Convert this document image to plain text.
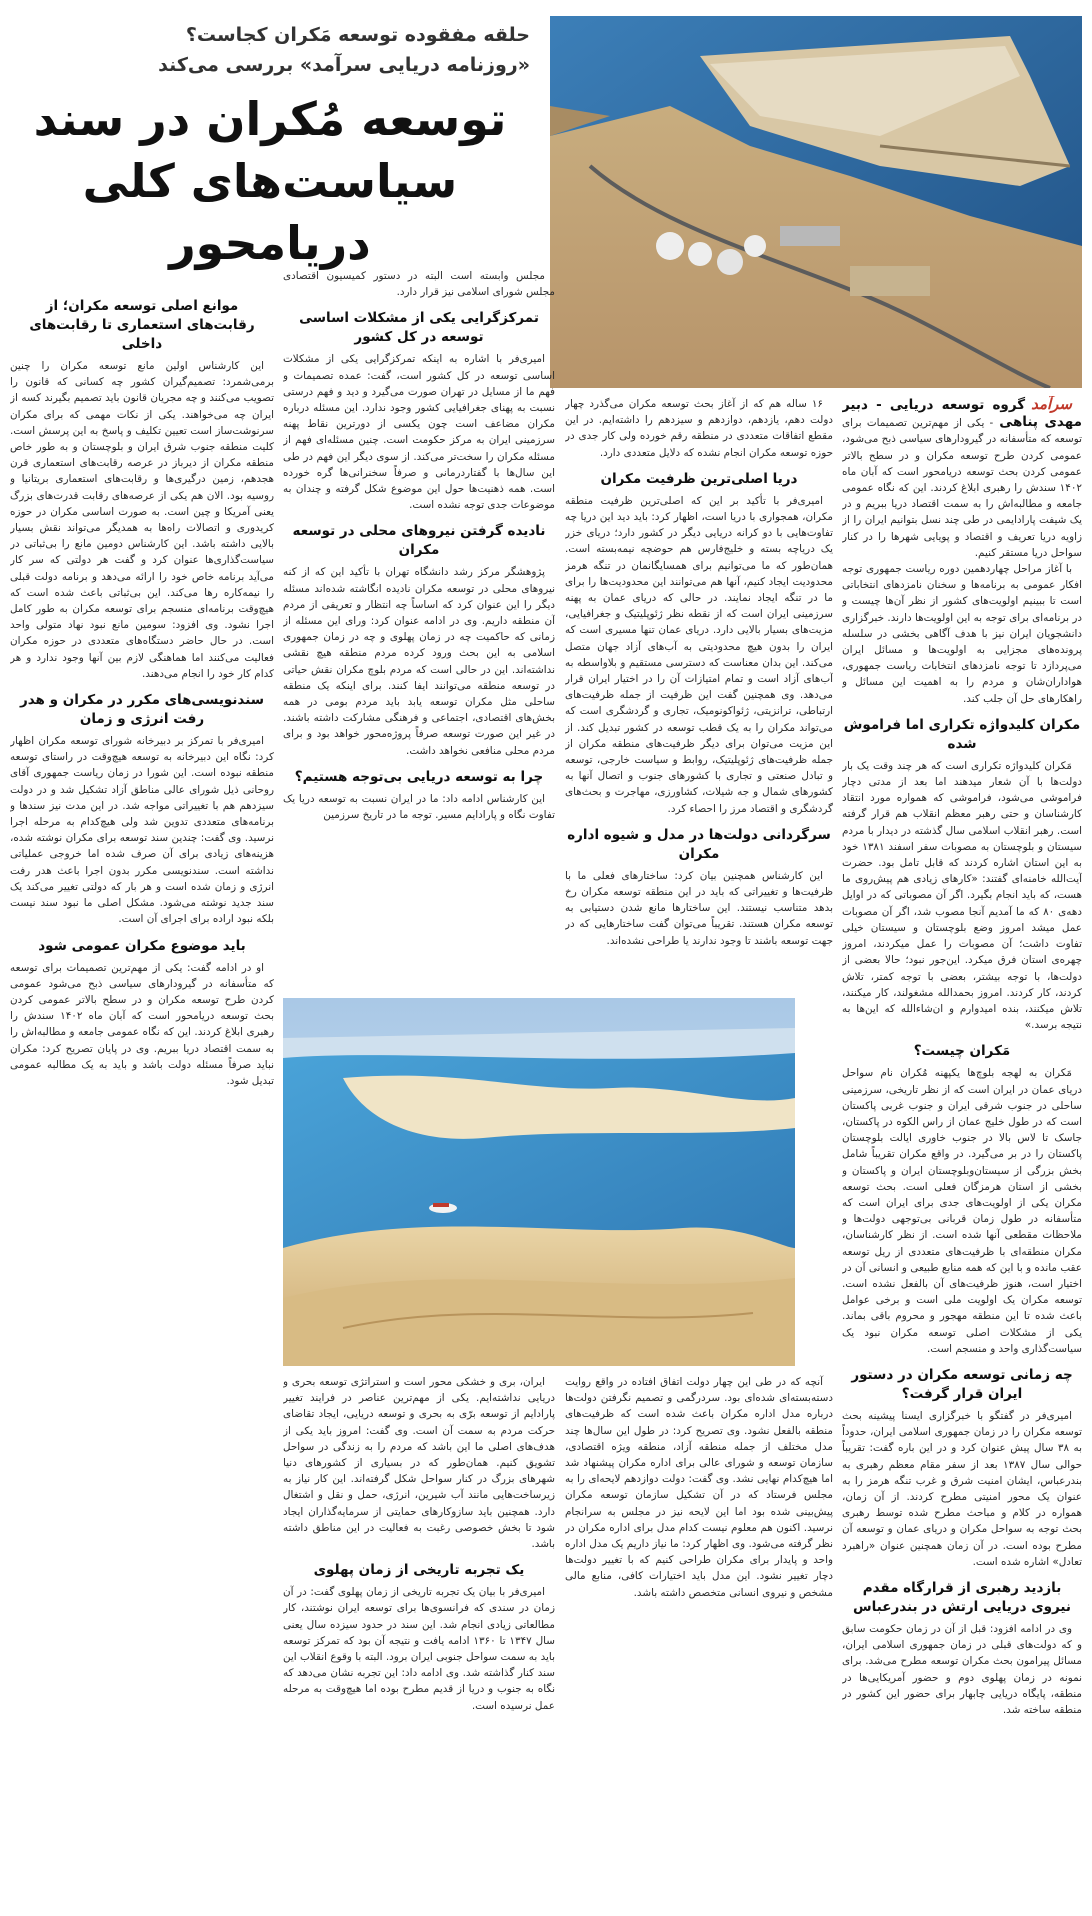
حلقه مفقوده توسعه مَکران کجاست؟
«روزنامه دریایی سرآمد» بررسی می‌کند
توسعه مُکران در سند
سیاست‌های کلی دریامحور

سرآمدگروه توسعه دریایی - دبیر مهدی پناهی- یکی از مهم‌ترین تصمیمات برای توسعه که متأسفانه در گیرودارهای سیاسی ذبح می‌شود، عمومی کردن طرح توسعه مکران و در سطح بالاتر عمومی کردن بحث توسعه دریامحور است که آبان ماه ۱۴۰۲ سندش را رهبری ابلاغ کردند. این که نگاه عمومی جامعه و مطالبه‌اش را به سمت اقتصاد دریا ببریم و در یک شیفت پارادایمی در طی چند نسل بتوانیم ایران را از زاویه دریا تعریف و اقتصاد و پویایی شهرها را در کنار سواحل دریا مستقر کنیم.

با آغاز مراحل چهاردهمین دوره ریاست جمهوری توجه افکار عمومی به برنامه‌ها و سخنان نامزدهای انتخاباتی است تا ببینیم اولویت‌های کشور از نظر آن‌ها چیست و در برنامه‌ای برای توجه به این اولویت‌ها دارند. خبرگزاری دانشجویان ایران نیز با هدف آگاهی بخشی در سلسله پرونده‌های مجزایی به اولویت‌ها و مسائل ایران می‌پردازد تا توجه نامزدهای انتخابات ریاست جمهوری، هواداران‌شان و مردم را به اهمیت این مسائل و راهکارهای حل آن جلب کند.

مکران کلیدواژه تکراری اما فراموش شده

مَکران کلیدواژه تکراری است که هر چند وقت یک بار دولت‌ها با آن شعار میدهند اما بعد از مدتی دچار فراموشی می‌شود، فراموشی که همواره مورد انتقاد کارشناسان و حتی رهبر معظم انقلاب هم قرار گرفته است. رهبر انقلاب اسلامی سال گذشته در دیدار با مردم سیستان و بلوچستان به مصوبات سفر اسفند ۱۳۸۱ خود به این استان اشاره کردند که قابل تامل بود. حضرت آیت‌الله خامنه‌ای گفتند: «کارهای زیادی هم پیش‌روی ما هست، که باید انجام بگیرد. اگر آن مصوباتی که در اوایل دهه‌ی ۸۰ که ما آمدیم آنجا مصوب شد، اگر آن مصوبات عمل میشد امروز وضع بلوچستان و سیستان خیلی تفاوت داشت؛ آن مصوبات را عمل میکردند، امروز چهره‌ی استان فرق میکرد. این‌جور نبود؛ حالا بعضی از دولت‌ها، با توجه بیشتر، بعضی با توجه کمتر، تلاش کردند، کار کردند. امروز بحمدالله مشغولند، کار میکنند، تلاش میکنند، بنده امیدوارم و ان‌شاءالله که این‌ها به نتیجه برسد.»

مَکران چیست؟

مَکران به لهجه بلوچ‌ها یکپهنه مُکران نام سواحل دریای عمان در ایران است که از نظر تاریخی، سرزمینی ساحلی در جنوب شرقی ایران و جنوب غربی پاکستان است که در طول خلیج عمان از راس الکوه در پاکستان، جاسک تا لاس بالا در جنوب خاوری ایالت بلوچستان پاکستان را در بر می‌گیرد. در واقع مکران تقریباً شامل بخش بزرگی از سیستان‌وبلوچستان ایران و پاکستان و بخشی از استان هرمزگان فعلی است. بحث توسعه مکران یکی از اولویت‌های جدی برای ایران است که متأسفانه در طول زمان قربانی بی‌توجهی دولت‌ها و ملاحظات مقطعی آنها شده است. از نظر کارشناسان، مکران منطقه‌ای با ظرفیت‌های متعددی از ریل توسعه عقب مانده و با این که همه منابع طبیعی و انسانی آن در اختیار است، هنوز ظرفیت‌های آن بالفعل نشده است. توسعه مکران یک اولویت ملی است و برخی عوامل باعث شده تا این منطقه مهجور و محروم باقی بماند. یکی از مشکلات اصلی توسعه مکران نبود یک سیاست‌گذاری واحد و منسجم است.

چه زمانی توسعه مکران در دستور ایران قرار گرفت؟

امیری‌فر در گفتگو با خبرگزاری ایسنا پیشینه بحث توسعه مکران را در زمان جمهوری اسلامی ایران، حدوداً به ۳۸ سال پیش عنوان کرد و در این باره گفت: تقریباً حوالی سال ۱۳۸۷ بعد از سفر مقام معظم رهبری به بندرعباس، ایشان امنیت شرق و غرب تنگه هرمز را به عنوان یک محور امنیتی مطرح کردند. از آن زمان، همواره در کلام و مباحث مطرح شده توسط رهبری بحث توجه به سواحل مکران و دریای عمان و توسعه آن مطرح بوده است. در آن زمان همچنین عنوان «راهبرد تعادل» اشاره شده است.

بازدید رهبری از قرارگاه مقدم نیروی دریایی ارتش در بندرعباس

وی در ادامه افزود: قبل از آن در زمان حکومت سابق و که دولت‌های قبلی در زمان جمهوری اسلامی ایران، مسائل پیرامون بحث مکران توسعه مطرح می‌شد. برای نمونه در زمان پهلوی دوم و حضور آمریکایی‌ها در منطقه، پایگاه دریایی چابهار برای حضور این کشور در منطقه ساخته شد.

۱۶ ساله هم که از آغاز بحث توسعه مکران می‌گذرد چهار دولت دهم، یازدهم، دوازدهم و سیزدهم را داشته‌ایم. در این مقطع اتفاقات متعددی در منطقه رقم خورده ولی کار جدی در حوزه توسعه مکران انجام نشده که دلایل متعددی دارد.

دریا اصلی‌ترین ظرفیت مکران

امیری‌فر با تأکید بر این که اصلی‌ترین ظرفیت منطقه مکران، همجواری با دریا است، اظهار کرد: باید دید این دریا چه تفاوت‌هایی با دو کرانه دریایی دیگر در کشور دارد؛ دریای خزر یک دریاچه بسته و خلیج‌فارس هم حوضچه نیمه‌بسته است. همان‌طور که ما می‌توانیم برای همسایگانمان در تنگه هرمز محدودیت ایجاد کنیم، آنها هم می‌توانند این محدودیت‌ها را برای ما در تنگه ایجاد نمایند. در حالی که دریای عمان به پهنه سرزمینی ایران است که از نقطه نظر ژئوپلیتیک و جغرافیایی، مزیت‌های بسیار بالایی دارد. دریای عمان تنها مسیری است که ایران را بدون هیچ محدودیتی به آب‌های آزاد جهان متصل می‌کند. این بدان معناست که دسترسی مستقیم و بلاواسطه به آب‌های آزاد است و تمام امتیازات آن را در اختیار ایران قرار می‌دهد. وی همچنین گفت این ظرفیت از جمله ظرفیت‌های ارتباطی، ترانزیتی، ژئواکونومیک، تجاری و گردشگری است که می‌تواند مکران را به یک قطب توسعه در کشور تبدیل کند. از این مزیت می‌توان برای دیگر ظرفیت‌های منطقه مکران از جمله ظرفیت‌های ژئوپلیتیک، روابط و سیاست خارجی، توسعه و تبادل صنعتی و تجاری با کشورهای جنوب و اتصال آنها به کشورهای شمال و جه شیلات، کشاورزی، مهاجرت و بحث‌های گردشگری و اقتصاد مرز را احصاء کرد.

سرگردانی دولت‌ها در مدل و شیوه اداره مکران

این کارشناس همچنین بیان کرد: ساختارهای فعلی ما با ظرفیت‌ها و تغییراتی که باید در این منطقه توسعه مکران رخ بدهد متناسب نیستند. این ساختارها مانع شدن دستیابی به توسعه مکران هستند. تقریباً می‌توان گفت ساختارهایی که در جهت توسعه باشند تا وجود ندارند یا طراحی نشده‌اند.

مجلس وابسته است البته در دستور کمیسیون اقتصادی مجلس شورای اسلامی نیز قرار دارد.

تمرکزگرایی یکی از مشکلات اساسی توسعه در کل کشور

امیری‌فر با اشاره به اینکه تمرکزگرایی یکی از مشکلات اساسی توسعه در کل کشور است، گفت: عمده تصمیمات و فهم ما از مسایل در تهران صورت می‌گیرد و دید و فهم درستی نسبت به پهنای جغرافیایی کشور وجود ندارد. این مسئله درباره مکران مضاعف است چون یکسی از دورترین نقاط پهنه سرزمینی ایران به مرکز حکومت است. چنین مسئله‌ای فهم از مسئله مکران را سخت‌تر می‌کند. از سوی دیگر این فهم در طی این سال‌ها با گفتاردرمانی و صرفاً سخنرانی‌ها گره خورده است. همه ذهنیت‌ها حول این موضوع شکل گرفته و چندان به موضوعات جدی توجه نشده است.

نادیده گرفتن نیروهای محلی در توسعه مکران

پژوهشگر مرکز رشد دانشگاه تهران با تأکید این که از کنه نیروهای محلی در توسعه مکران نادیده انگاشته شده‌اند مسئله دیگر را این عنوان کرد که اساساً چه انتظار و تعریفی از مردم آن منطقه داریم. وی در ادامه عنوان کرد: ورای این مسئله از زمانی که حاکمیت چه در زمان پهلوی و چه در زمان جمهوری اسلامی به این بحث ورود کرده مردم منطقه هیچ نقشی نداشته‌اند. این در حالی است که مردم بلوچ مکران نقش حیاتی در توسعه منطقه می‌توانند ایفا کنند. برای اینکه یک منطقه ساحلی مثل مکران توسعه یابد باید مردم بومی در همه بخش‌های اقتصادی، اجتماعی و فرهنگی مشارکت داشته باشند. در غیر این صورت توسعه صرفاً پروژه‌محور خواهد بود و برای مردم محلی منافعی نخواهد داشت.

چرا به توسعه دریایی بی‌توجه هستیم؟

این کارشناس ادامه داد: ما در ایران نسبت به توسعه دریا یک تفاوت نگاه و پارادایم مسیر. توجه ما در تاریخ سرزمین

موانع اصلی توسعه مکران؛ از رقابت‌های استعماری تا رقابت‌های داخلی

این کارشناس اولین مانع توسعه مکران را چنین برمی‌شمرد: تصمیم‌گیران کشور چه کسانی که قانون را تصویب می‌کنند و چه مجریان قانون باید تصمیم بگیرند کسه از ایران چه می‌خواهند. یکی از نکات مهمی که برای مکران سرنوشت‌ساز است تعیین تکلیف و پاسخ به این پرسش است. کلیت منطقه جنوب شرق ایران و بلوچستان و به طور خاص منطقه مکران از دیرباز در عرصه رقابت‌های استعماری قرن هجدهم، زمین درگیری‌ها و رقابت‌های استعماری بریتانیا و روسیه بود. الان هم یکی از عرصه‌های رقابت قدرت‌های بزرگ یعنی آمریکا و چین است. به صورت اساسی مکران در حوزه کریدوری و اتصالات راه‌ها به همدیگر می‌تواند نقش بسیار بالایی داشته باشد. این کارشناس دومین مانع را بی‌ثباتی در سیاست‌گذاری‌ها عنوان کرد و گفت هر دولتی که سر کار می‌آید برنامه خاص خود را ارائه می‌دهد و برنامه دولت قبلی را نیمه‌کاره رها می‌کند. این بی‌ثباتی باعث شده است که هیچ‌وقت برنامه‌ای منسجم برای توسعه مکران به طور کامل اجرا نشود. وی افزود: سومین مانع نبود نهاد متولی واحد است. در حال حاضر دستگاه‌های متعددی در حوزه مکران فعالیت می‌کنند اما هماهنگی لازم بین آنها وجود ندارد و هر کدام کار خود را انجام می‌دهند.

سندنویسی‌های مکرر در مکران و هدر رفت انرژی و زمان

امیری‌فر با تمرکز بر دبیرخانه شورای توسعه مکران اظهار کرد: نگاه این دبیرخانه به توسعه هیچ‌وقت در راستای توسعه منطقه نبوده است. این شورا در زمان ریاست جمهوری آقای روحانی ذیل شورای عالی مناطق آزاد تشکیل شد و در دولت سیزدهم هم با تغییراتی مواجه شد. در این مدت نیز سندها و برنامه‌های متعددی تدوین شد ولی هیچ‌کدام به مرحله اجرا نرسید. وی گفت: چندین سند توسعه برای مکران نوشته شده، هزینه‌های زیادی برای آن صرف شده اما خروجی عملیاتی نداشته است. سندنویسی مکرر بدون اجرا باعث هدر رفت انرژی و زمان شده است و هر بار که دولتی تغییر می‌کند یک سند جدید نوشته می‌شود. مشکل اصلی ما نبود سند نیست بلکه نبود اراده برای اجرای آن است.

باید موضوع مکران عمومی شود

او در ادامه گفت: یکی از مهم‌ترین تصمیمات برای توسعه که متأسفانه در گیرودارهای سیاسی ذبح می‌شود عمومی کردن طرح توسعه مکران و در سطح بالاتر عمومی کردن بحث توسعه دریامحور است که آبان ماه ۱۴۰۲ سندش را رهبری ابلاغ کردند. این که نگاه عمومی جامعه و مطالبه‌اش را به سمت اقتصاد دریا ببریم. وی در پایان تصریح کرد: مکران نباید صرفاً مسئله دولت باشد و باید به یک مطالبه عمومی تبدیل شود.

آنچه که در طی این چهار دولت اتفاق افتاده در واقع روایت دسته‌بسته‌ای شده‌ای بود. سردرگمی و تصمیم نگرفتن دولت‌ها درباره مدل اداره مکران باعث شده است که ظرفیت‌های منطقه بالفعل نشود. وی تصریح کرد: در طول این سال‌ها چند مدل مختلف از جمله منطقه آزاد، منطقه ویژه اقتصادی، سازمان توسعه و شورای عالی برای اداره مکران پیشنهاد شد اما هیچ‌کدام نهایی نشد. وی گفت: دولت دوازدهم لایحه‌ای را به مجلس فرستاد که در آن تشکیل سازمان توسعه مکران پیش‌بینی شده بود اما این لایحه نیز در مجلس به سرانجام نرسید. اکنون هم معلوم نیست کدام مدل برای اداره مکران در نظر گرفته می‌شود. وی اظهار کرد: ما نیاز داریم یک مدل اداره واحد و پایدار برای مکران طراحی کنیم که با تغییر دولت‌ها دچار تغییر نشود. این مدل باید اختیارات کافی، منابع مالی مشخص و نیروی انسانی متخصص داشته باشد.

ایران، بری و خشکی محور است و استراتژی توسعه بحری و دریایی نداشته‌ایم. یکی از مهم‌ترین عناصر در فرایند تغییر پارادایم از توسعه برّی به بحری و توسعه دریایی، ایجاد تقاضای حرکت مردم به سمت آن است. وی گفت: امروز باید یکی از هدف‌های اصلی ما این باشد که مردم را به زندگی در سواحل تشویق کنیم. همان‌طور که در بسیاری از کشورهای دنیا شهرهای بزرگ در کنار سواحل شکل گرفته‌اند. این کار نیاز به زیرساخت‌هایی مانند آب شیرین، انرژی، حمل و نقل و اشتغال دارد. همچنین باید سازوکارهای حمایتی از سرمایه‌گذاران ایجاد شود تا بخش خصوصی رغبت به فعالیت در این مناطق داشته باشد.

یک تجربه تاریخی از زمان پهلوی

امیری‌فر با بیان یک تجربه تاریخی از زمان پهلوی گفت: در آن زمان در سندی که فرانسوی‌ها برای توسعه ایران نوشتند، کار مطالعاتی زیادی انجام شد. این سند در حدود سیزده سال یعنی سال ۱۳۴۷ تا ۱۳۶۰ ادامه یافت و نتیجه آن بود که تمرکز توسعه باید به سمت سواحل جنوبی ایران برود. البته با وقوع انقلاب این سند کنار گذاشته شد. وی ادامه داد: این تجربه نشان می‌دهد که نگاه به جنوب و دریا از قدیم مطرح بوده اما هیچ‌وقت به مرحله عمل نرسیده است.
